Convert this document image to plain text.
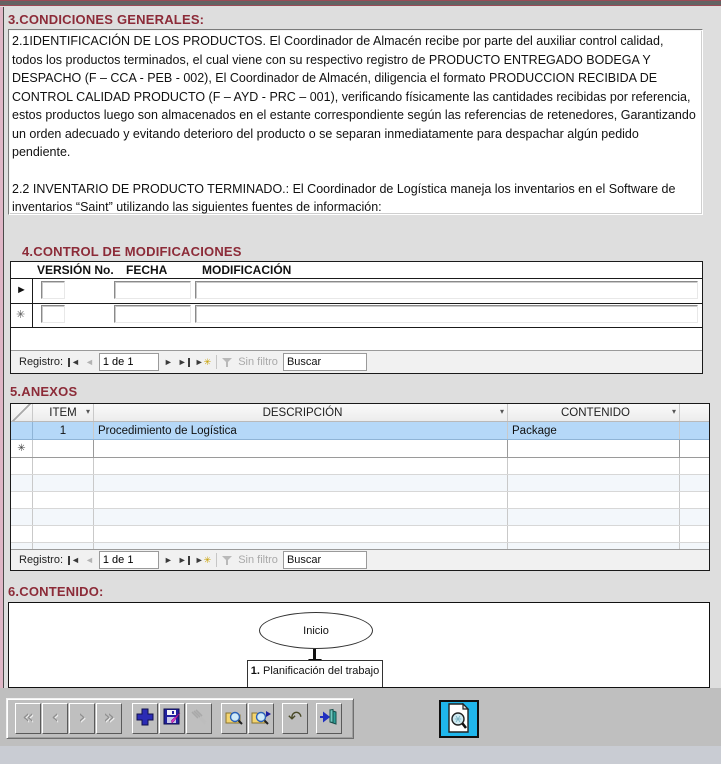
3.CONDICIONES GENERALES:

2.1IDENTIFICACIÓN DE LOS PRODUCTOS. El Coordinador de Almacén recibe por parte del auxiliar control calidad, todos los productos terminados, el cual viene con su respectivo registro de PRODUCTO ENTREGADO BODEGA Y DESPACHO (F – CCA - PEB - 002), El Coordinador de Almacén, diligencia el formato PRODUCCION RECIBIDA DE CONTROL CALIDAD PRODUCTO (F – AYD - PRC – 001), verificando físicamente las cantidades recibidas por referencia, estos productos luego son almacenados en el estante correspondiente según las referencias de retenedores, Garantizando un orden adecuado y evitando deterioro del producto o se separan inmediatamente para despachar algún pedido pendiente.

2.2 INVENTARIO DE PRODUCTO TERMINADO.: El Coordinador de Logística maneja los inventarios en el Software de inventarios “Saint” utilizando las siguientes fuentes de información:

4.CONTROL DE MODIFICACIONES
VERSIÓN No. FECHA	MODIFICACIÓN
►
✳
Registro: ◄ ◄
1 de 1	► ► ►✳ Sin filtro
Buscar
5.ANEXOS
ITEM ▾	DESCRIPCIÓN	▾	CONTENIDO	▾
1	Procedimiento de Logística	Package
✳
Registro: ◄ ◄
1 de 1	► ► ►✳ Sin filtro
Buscar
6.CONTENIDO:
Inicio
1. Planificación del trabajo
« ‹ › »	↶
